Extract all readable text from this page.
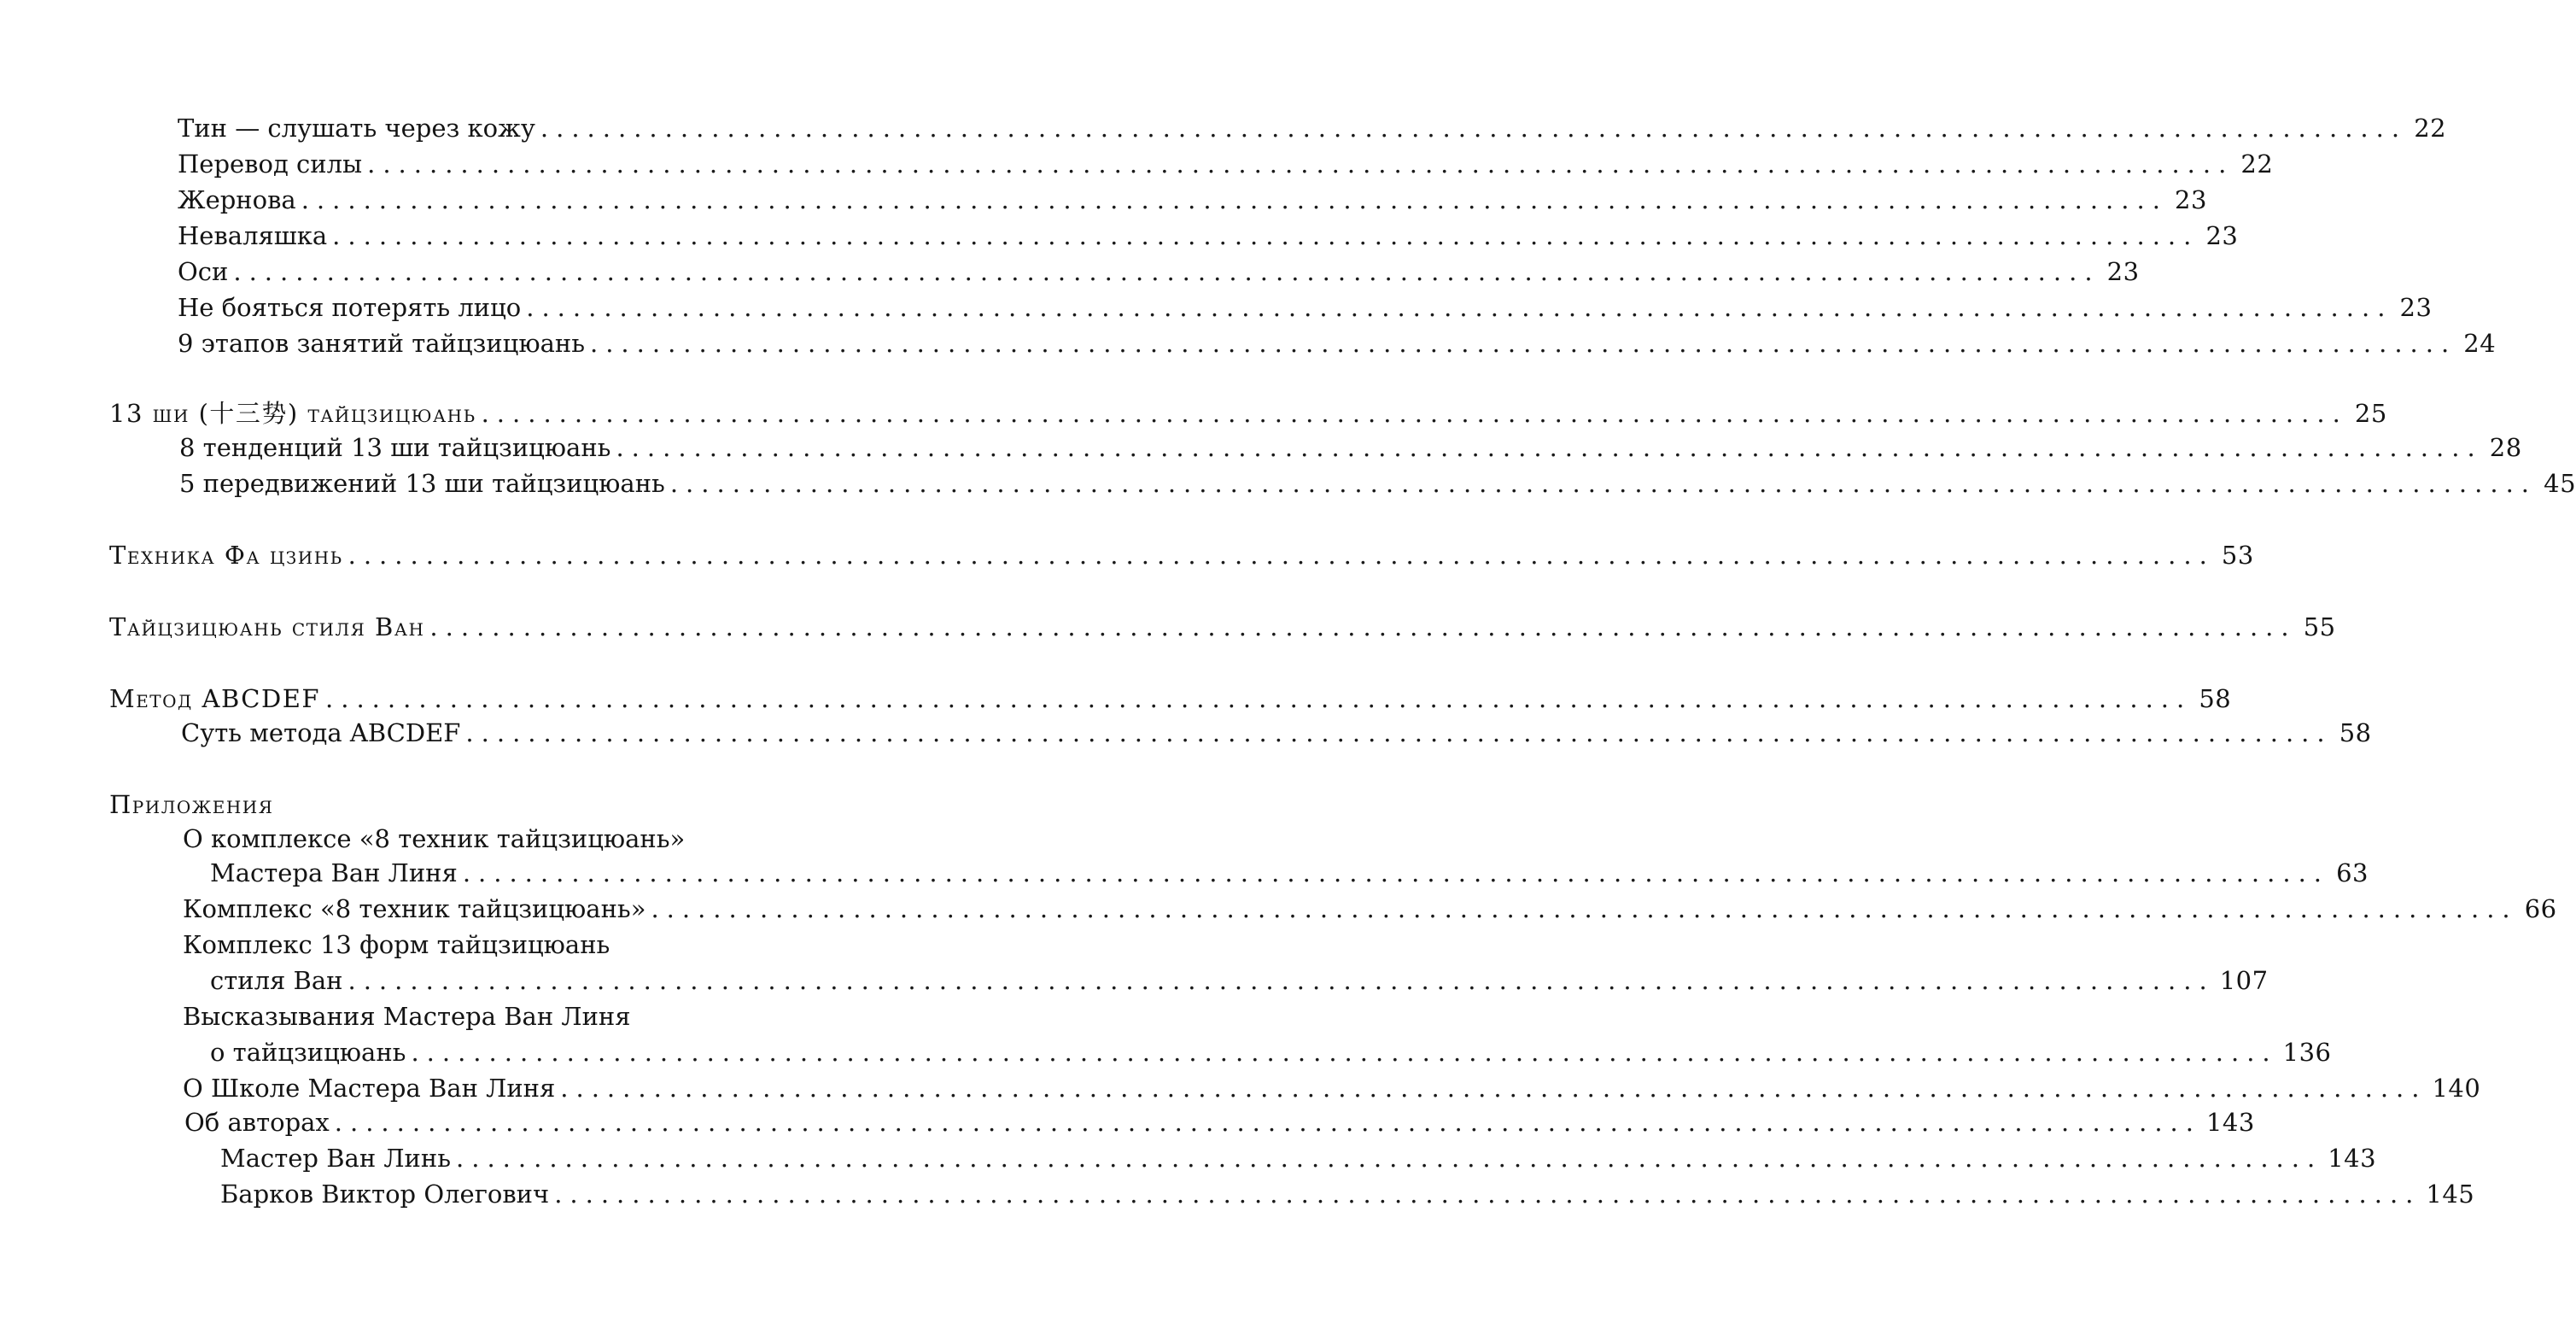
Тин — слушать через кожу ........................................................................................................................ 22
Перевод силы ........................................................................................................................ 22
Жернова ........................................................................................................................ 23
Неваляшка ........................................................................................................................ 23
Оси ........................................................................................................................ 23
Не бояться потерять лицо ........................................................................................................................ 23
9 этапов занятий тайцзицюань ........................................................................................................................ 24
13 ши (十三势) тайцзицюань ........................................................................................................................ 25
8 тенденций 13 ши тайцзицюань ........................................................................................................................ 28
5 передвижений 13 ши тайцзицюань ........................................................................................................................ 45
Техника Фа цзинь ........................................................................................................................ 53
Тайцзицюань стиля Ван ........................................................................................................................ 55
Метод ABCDEF ........................................................................................................................ 58
Суть метода ABCDEF ........................................................................................................................ 58
Приложения
О комплексе «8 техник тайцзицюань»
Мастера Ван Линя ........................................................................................................................ 63
Комплекс «8 техник тайцзицюань» ........................................................................................................................ 66
Комплекс 13 форм тайцзицюань
стиля Ван ........................................................................................................................ 107
Высказывания Мастера Ван Линя
о тайцзицюань ........................................................................................................................ 136
О Школе Мастера Ван Линя ........................................................................................................................ 140
Об авторах ........................................................................................................................ 143
Мастер Ван Линь ........................................................................................................................ 143
Барков Виктор Олегович ........................................................................................................................ 145
